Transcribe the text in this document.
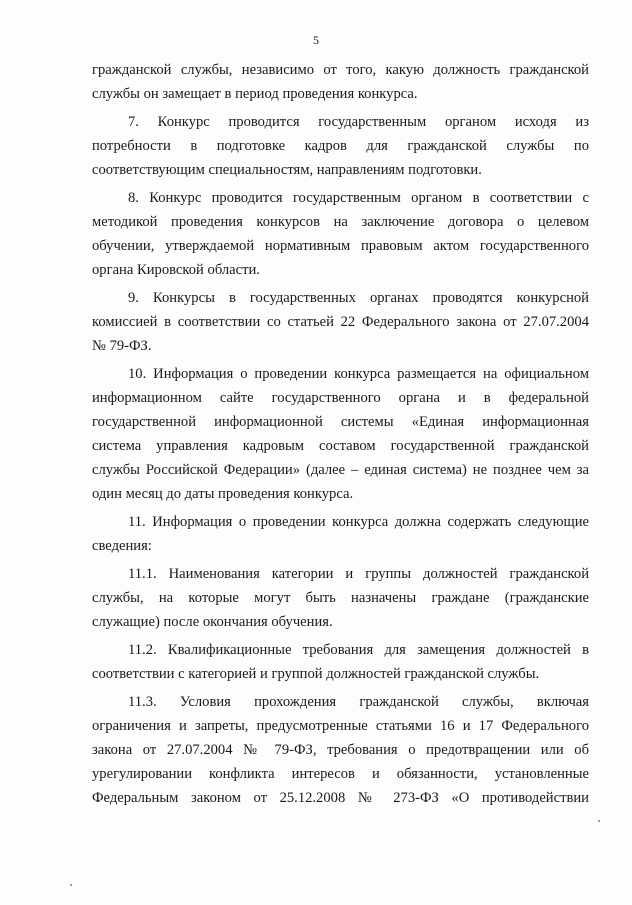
5
гражданской службы, независимо от того, какую должность гражданской
службы он замещает в период проведения конкурса.
7. Конкурс проводится государственным органом исходя из
потребности в подготовке кадров для гражданской службы по
соответствующим специальностям, направлениям подготовки.
8. Конкурс проводится государственным органом в соответствии с
методикой проведения конкурсов на заключение договора о целевом
обучении, утверждаемой нормативным правовым актом государственного
органа Кировской области.
9. Конкурсы в государственных органах проводятся конкурсной
комиссией в соответствии со статьей 22 Федерального закона от 27.07.2004
№ 79-ФЗ.
10. Информация о проведении конкурса размещается на официальном
информационном сайте государственного органа и в федеральной
государственной информационной системы «Единая информационная
система управления кадровым составом государственной гражданской
службы Российской Федерации» (далее – единая система) не позднее чем за
один месяц до даты проведения конкурса.
11. Информация о проведении конкурса должна содержать следующие
сведения:
11.1. Наименования категории и группы должностей гражданской
службы, на которые могут быть назначены граждане (гражданские
служащие) после окончания обучения.
11.2. Квалификационные требования для замещения должностей в
соответствии с категорией и группой должностей гражданской службы.
11.3. Условия прохождения гражданской службы, включая
ограничения и запреты, предусмотренные статьями 16 и 17 Федерального
закона от 27.07.2004 № 79-ФЗ, требования о предотвращении или об
урегулировании конфликта интересов и обязанности, установленные
Федеральным законом от 25.12.2008 № 273-ФЗ «О противодействии
